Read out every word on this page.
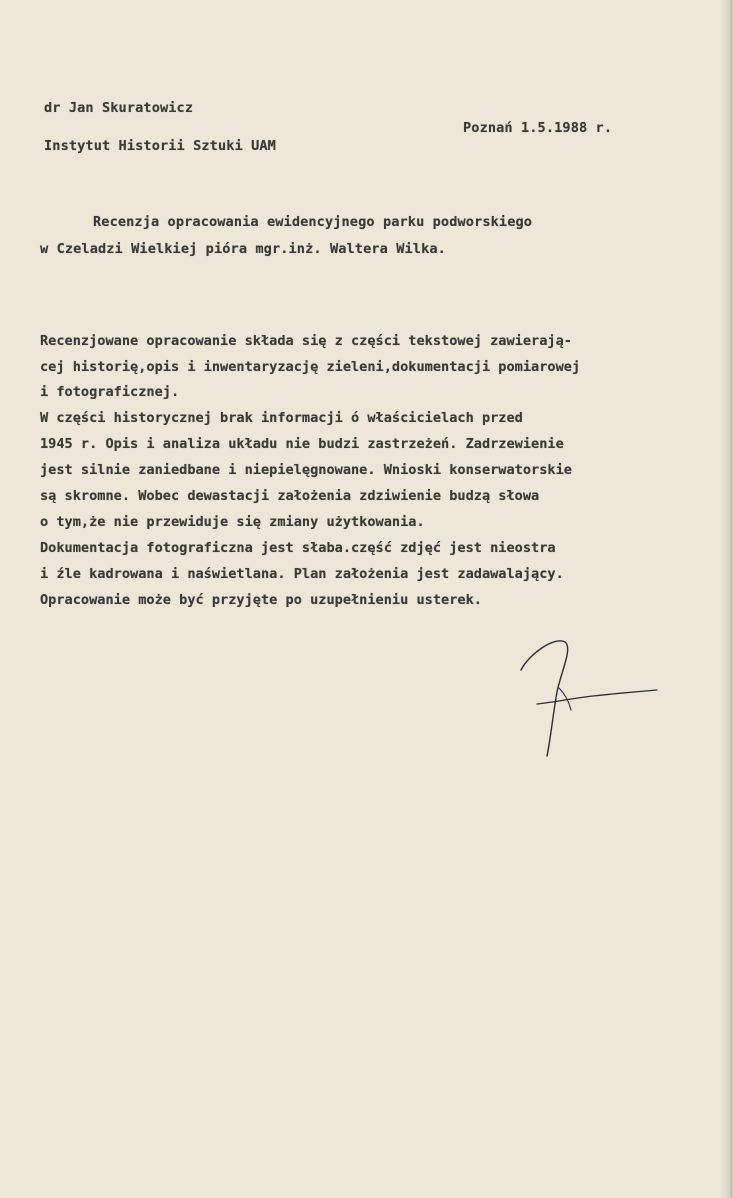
dr Jan Skuratowicz
Instytut Historii Sztuki UAM
Poznań 1.5.1988 r.
Recenzja opracowania ewidencyjnego parku podworskiego
w Czeladzi Wielkiej pióra mgr.inż. Waltera Wilka.
Recenzjowane opracowanie składa się z części tekstowej zawierają-
cej historię,opis i inwentaryzację zieleni,dokumentacji pomiarowej
i fotograficznej.
W części historycznej brak informacji ó właścicielach przed
1945 r. Opis i analiza układu nie budzi zastrzeżeń. Zadrzewienie
jest silnie zaniedbane i niepielęgnowane. Wnioski konserwatorskie
są skromne. Wobec dewastacji założenia zdziwienie budzą słowa
o tym,że nie przewiduje się zmiany użytkowania.
Dokumentacja fotograficzna jest słaba.część zdjęć jest nieostra
i źle kadrowana i naświetlana. Plan założenia jest zadawalający.
Opracowanie może być przyjęte po uzupełnieniu usterek.
